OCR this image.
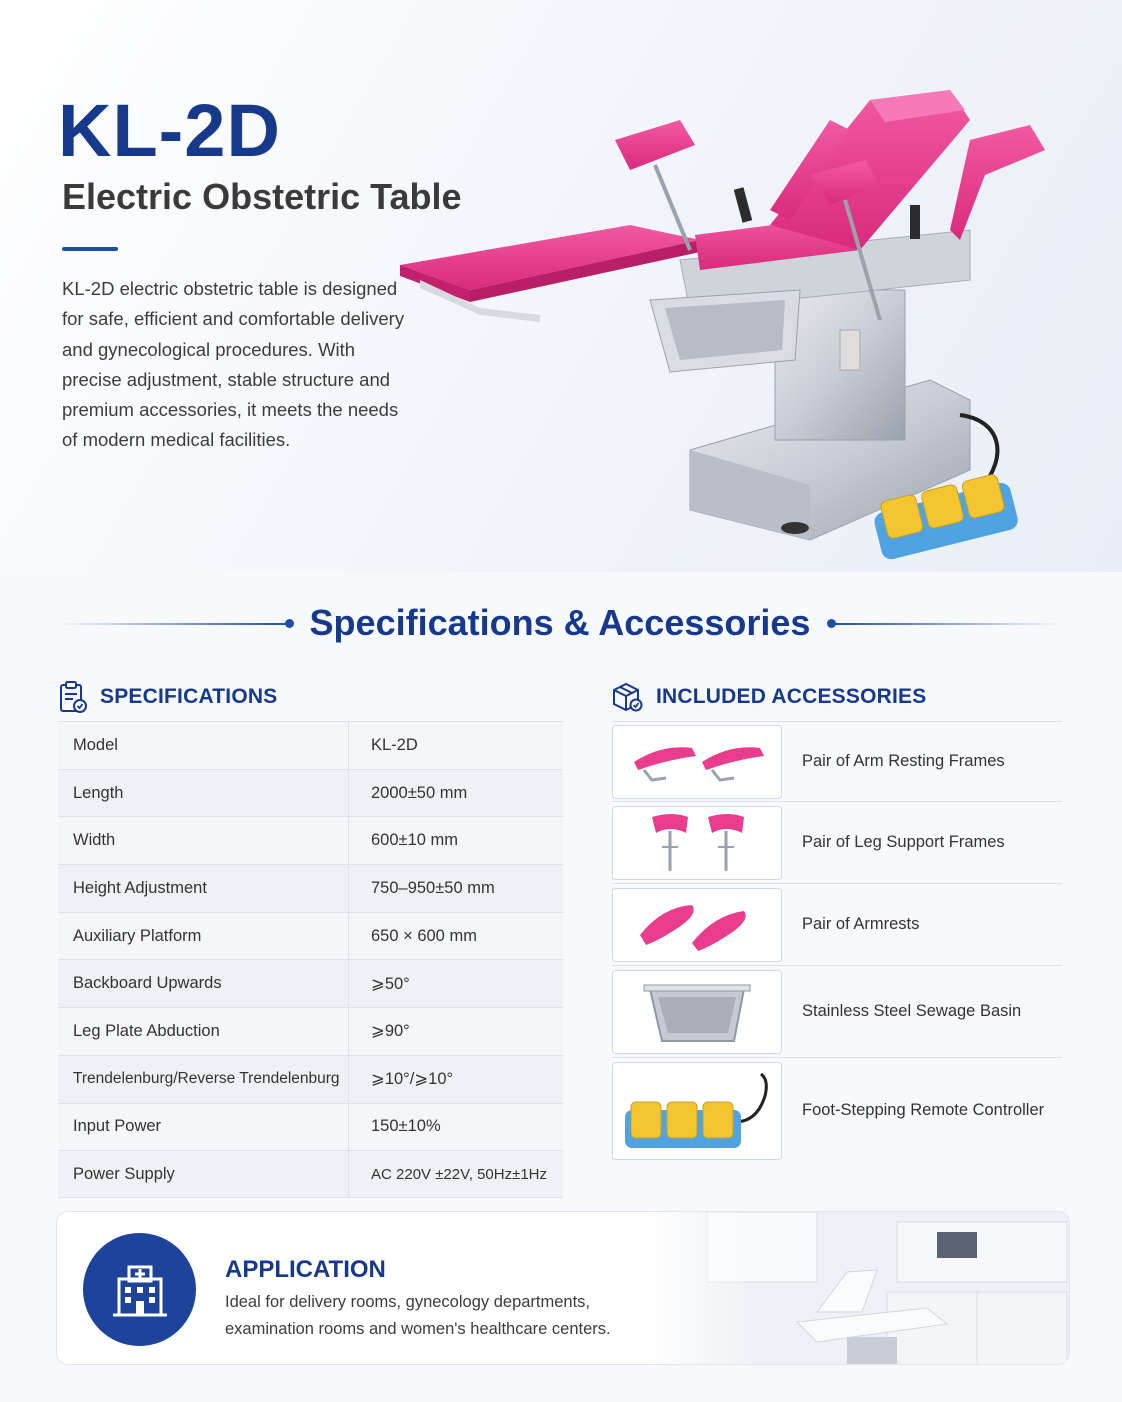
KL-2D
Electric Obstetric Table
KL-2D electric obstetric table is designed for safe, efficient and comfortable delivery and gynecological procedures. With precise adjustment, stable structure and premium accessories, it meets the needs of modern medical facilities.
Specifications & Accessories
SPECIFICATIONS
Model	KL-2D
Length	2000±50 mm
Width	600±10 mm
Height Adjustment	750–950±50 mm
Auxiliary Platform	650 × 600 mm
Backboard Upwards	⩾50°
Leg Plate Abduction	⩾90°
Trendelenburg/Reverse Trendelenburg	⩾10°/⩾10°
Input Power	150±10%
Power Supply	AC 220V ±22V, 50Hz±1Hz
INCLUDED ACCESSORIES
Pair of Arm Resting Frames
Pair of Leg Support Frames
Pair of Armrests
Stainless Steel Sewage Basin
Foot-Stepping Remote Controller
APPLICATION
Ideal for delivery rooms, gynecology departments, examination rooms and women's healthcare centers.
